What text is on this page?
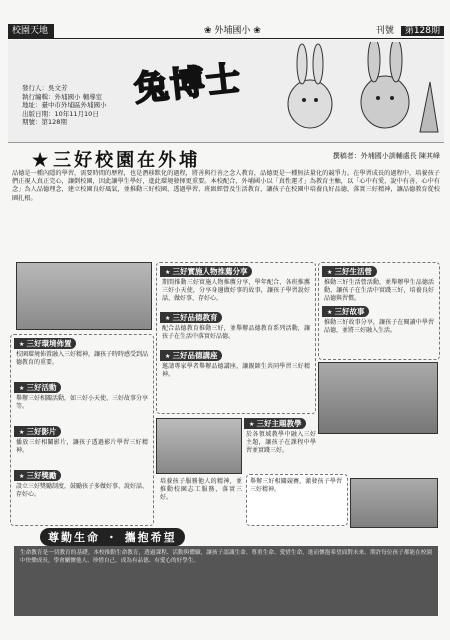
校園天地
❀	外埔國小 ❀	刊號 第128期
兔博士
發行人：吳文芳
執行編輯：外埔國小 輔導室
地址：臺中市外埔區外埔國小
出版日期：10年11月10日
期號：第128期
★ 三好校園在外埔	撰稿者：外埔國小訓輔處長 陳其峰
品德是一種內隱的學習，需要時間的歷程，也是潛移默化的過程，將善與行善之念人教育，品德更是一種無法量化的競爭力。在學習成長的過程中，培養孩子們正視人真正完心，讓倒校園，因此讓學生學好，進此環境發揮更重要。本校配合，外埔國小以「真性運才」為教育主軸，以「心中有愛、說中有善、心中有念」為人品德理念，建立校園良好風氣，並推動三好校園，透過學習、班級經營及生活教育，讓孩子在校園中培養良好品德，落實三好精神，讓品德教育從校園扎根。
★ 三好環境佈置
校園環境佈置融入三好精神，讓孩子時時感受到品德教育的重要。
★ 三好活動
舉辦三好相關活動，如三好小天使、三好故事分享等。
★ 三好影片
播放三好相關影片，讓孩子透過影片學習三好精神。
★ 三好獎勵
設立三好獎勵制度，鼓勵孩子多做好事、說好話、存好心。
★ 三好實施人物推薦分享
期間推動三好實施人物推薦分享，學年配合，各班推薦三好小天使，分享身邊做好事的故事，讓孩子學習說好話、做好事、存好心。
★ 三好品德教育
配合品德教育推動三好，並舉辦品德教育系列活動，讓孩子在生活中落實好品德。
★ 三好品德講座
邀請專家學者舉辦品德講座，讓親師生共同學習三好精神。
★ 三好主題教學
於各領域教學中融入三好主題，讓孩子在課程中學習並實踐三好。
★ 三好生活營
推動三好生活營活動，並舉辦學生品德活動，讓孩子在生活中實踐三好，培養良好品德與習慣。
★ 三好故事
推動三好故事分享，讓孩子在閱讀中學習品德，並將三好融入生活。
舉辦三好相關競賽，激發孩子學習三好精神。
培養孩子服務他人的精神，並推動校園志工服務，落實三好。
尊勤生命 ・ 攜抱希望
生命教育是一切教育的基礎。本校推動生命教育，透過課程、活動與體驗，讓孩子認識生命、尊重生命、愛惜生命，進而懷抱希望面對未來。期許每位孩子都能在校園中快樂成長，學會關懷他人、珍惜自己，成為有品德、有愛心的好學生。
